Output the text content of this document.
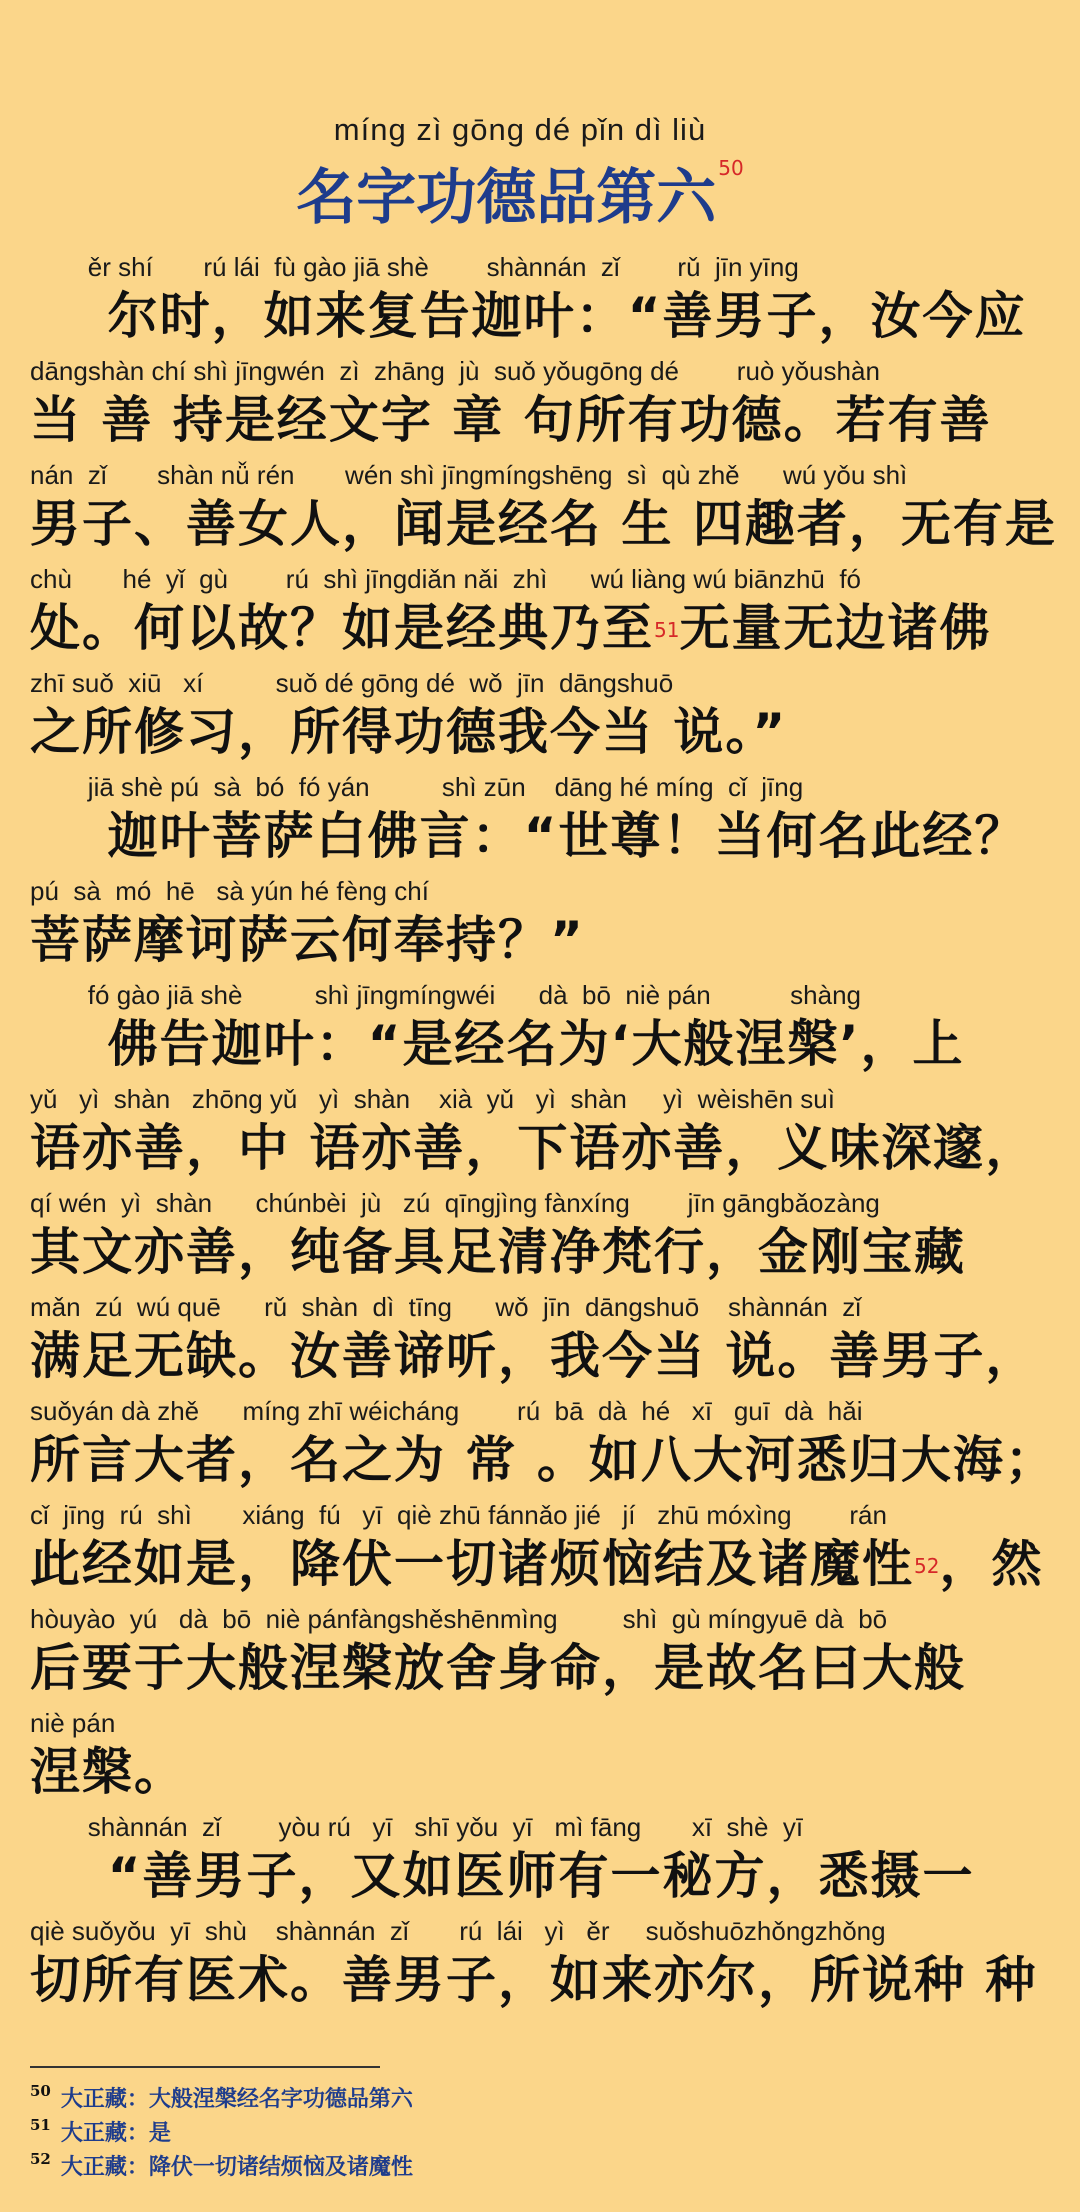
míng zì gōng dé pǐn dì liù
名字功德品第六 $^{50}$
ěr shí       rú lái  fù gào jiā shè        shànnán  zǐ        rǔ  jīn yīng
尔时，如来复告迦叶：“善男子，汝今应
dāngshàn chí shì jīngwén  zì  zhāng  jù  suǒ yǒugōng dé        ruò yǒushàn
当 善 持是经文字 章 句所有功德。若有善
nán  zǐ       shàn nǚ rén       wén shì jīngmíngshēng  sì  qù zhě      wú yǒu shì
男子、善女人，闻是经名 生 四趣者，无有是
chù       hé  yǐ  gù        rú  shì jīngdiǎn nǎi  zhì      wú liàng wú biānzhū  fó
处。何以故？如是经典乃至$^{51}$无量无边诸佛
zhī suǒ  xiū   xí          suǒ dé gōng dé  wǒ  jīn  dāngshuō
之所修习，所得功德我今当 说。”
jiā shè pú  sà  bó  fó yán          shì zūn    dāng hé míng  cǐ  jīng
迦叶菩萨白佛言：“世尊！当何名此经？
pú  sà  mó  hē   sà yún hé fèng chí
菩萨摩诃萨云何奉持？”
fó gào jiā shè          shì jīngmíngwéi      dà  bō  niè pán           shàng
佛告迦叶：“是经名为‘大般涅槃’，上
yǔ   yì  shàn   zhōng yǔ   yì  shàn    xià  yǔ   yì  shàn     yì  wèishēn suì
语亦善，中 语亦善，下语亦善，义味深邃，
qí wén  yì  shàn      chúnbèi  jù   zú  qīngjìng fànxíng        jīn gāngbǎozàng
其文亦善，纯备具足清净梵行，金刚宝藏
mǎn  zú  wú quē      rǔ  shàn  dì  tīng      wǒ  jīn  dāngshuō    shànnán  zǐ
满足无缺。汝善谛听，我今当 说。善男子，
suǒyán dà zhě      míng zhī wéicháng        rú  bā  dà  hé   xī   guī  dà  hǎi
所言大者，名之为 常 。如八大河悉归大海；
cǐ  jīng  rú  shì       xiáng  fú   yī  qiè zhū fánnǎo jié   jí   zhū móxìng        rán
此经如是，降伏一切诸烦恼结及诸魔性$^{52}$，然
hòuyào  yú   dà  bō  niè pánfàngshěshēnmìng         shì  gù míngyuē dà  bō
后要于大般涅槃放舍身命，是故名曰大般
niè pán
涅槃。
shànnán  zǐ        yòu rú   yī   shī yǒu  yī   mì fāng       xī  shè  yī
“善男子，又如医师有一秘方，悉摄一
qiè suǒyǒu  yī  shù    shànnán  zǐ       rú  lái   yì   ěr     suǒshuōzhǒngzhǒng
切所有医术。善男子，如来亦尔，所说种 种
$^{50}$ 大正藏：大般涅槃经名字功德品第六
$^{51}$ 大正藏：是
$^{52}$ 大正藏：降伏一切诸结烦恼及诸魔性
